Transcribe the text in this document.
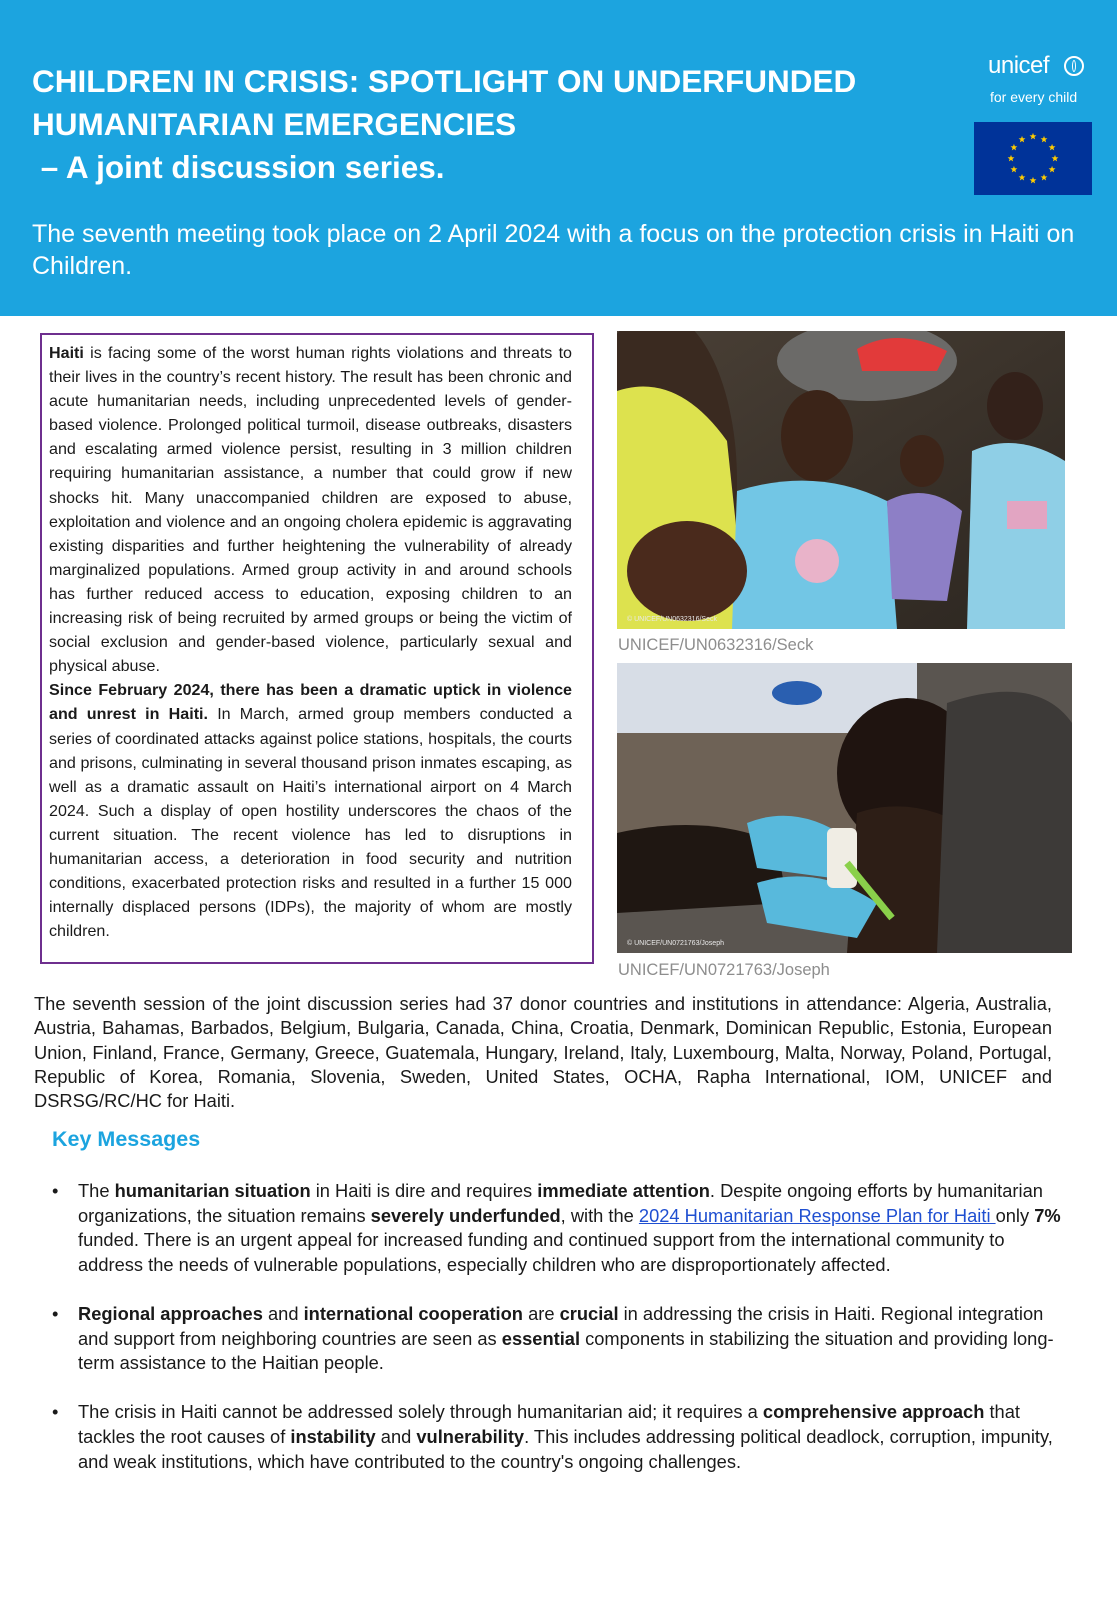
CHILDREN IN CRISIS: SPOTLIGHT ON UNDERFUNDED
HUMANITARIAN EMERGENCIES
– A joint discussion series.
The seventh meeting took place on 2 April 2024 with a focus on the protection crisis in Haiti on Children.
unicef
for every child

Haiti is facing some of the worst human rights violations and threats to their lives in the country’s recent history. The result has been chronic and acute humanitarian needs, including unprecedented levels of gender-based violence. Prolonged political turmoil, disease outbreaks, disasters and escalating armed violence persist, resulting in 3 million children requiring humanitarian assistance, a number that could grow if new shocks hit. Many unaccompanied children are exposed to abuse, exploitation and violence and an ongoing cholera epidemic is aggravating existing disparities and further heightening the vulnerability of already marginalized populations. Armed group activity in and around schools has further reduced access to education, exposing children to an increasing risk of being recruited by armed groups or being the victim of social exclusion and gender-based violence, particularly sexual and physical abuse.

Since February 2024, there has been a dramatic uptick in violence and unrest in Haiti. In March, armed group members conducted a series of coordinated attacks against police stations, hospitals, the courts and prisons, culminating in several thousand prison inmates escaping, as well as a dramatic assault on Haiti’s international airport on 4 March 2024. Such a display of open hostility underscores the chaos of the current situation. The recent violence has led to disruptions in humanitarian access, a deterioration in food security and nutrition conditions, exacerbated protection risks and resulted in a further 15 000 internally displaced persons (IDPs), the majority of whom are mostly children.

© UNICEF/UN0632316/Seck
UNICEF/UN0632316/Seck
© UNICEF/UN0721763/Joseph
UNICEF/UN0721763/Joseph

The seventh session of the joint discussion series had 37 donor countries and institutions in attendance: Algeria, Australia, Austria, Bahamas, Barbados, Belgium, Bulgaria, Canada, China, Croatia, Denmark, Dominican Republic, Estonia, European Union, Finland, France, Germany, Greece, Guatemala, Hungary, Ireland, Italy, Luxembourg, Malta, Norway, Poland, Portugal, Republic of Korea, Romania, Slovenia, Sweden, United States, OCHA, Rapha International, IOM, UNICEF and DSRSG/RC/HC for Haiti.

Key Messages
• The humanitarian situation in Haiti is dire and requires immediate attention. Despite ongoing efforts by humanitarian organizations, the situation remains severely underfunded, with the 2024 Humanitarian Response Plan for Haiti only 7% funded. There is an urgent appeal for increased funding and continued support from the international community to address the needs of vulnerable populations, especially children who are disproportionately affected.
• Regional approaches and international cooperation are crucial in addressing the crisis in Haiti. Regional integration and support from neighboring countries are seen as essential components in stabilizing the situation and providing long-term assistance to the Haitian people.
• The crisis in Haiti cannot be addressed solely through humanitarian aid; it requires a comprehensive approach that tackles the root causes of instability and vulnerability. This includes addressing political deadlock, corruption, impunity, and weak institutions, which have contributed to the country's ongoing challenges.
